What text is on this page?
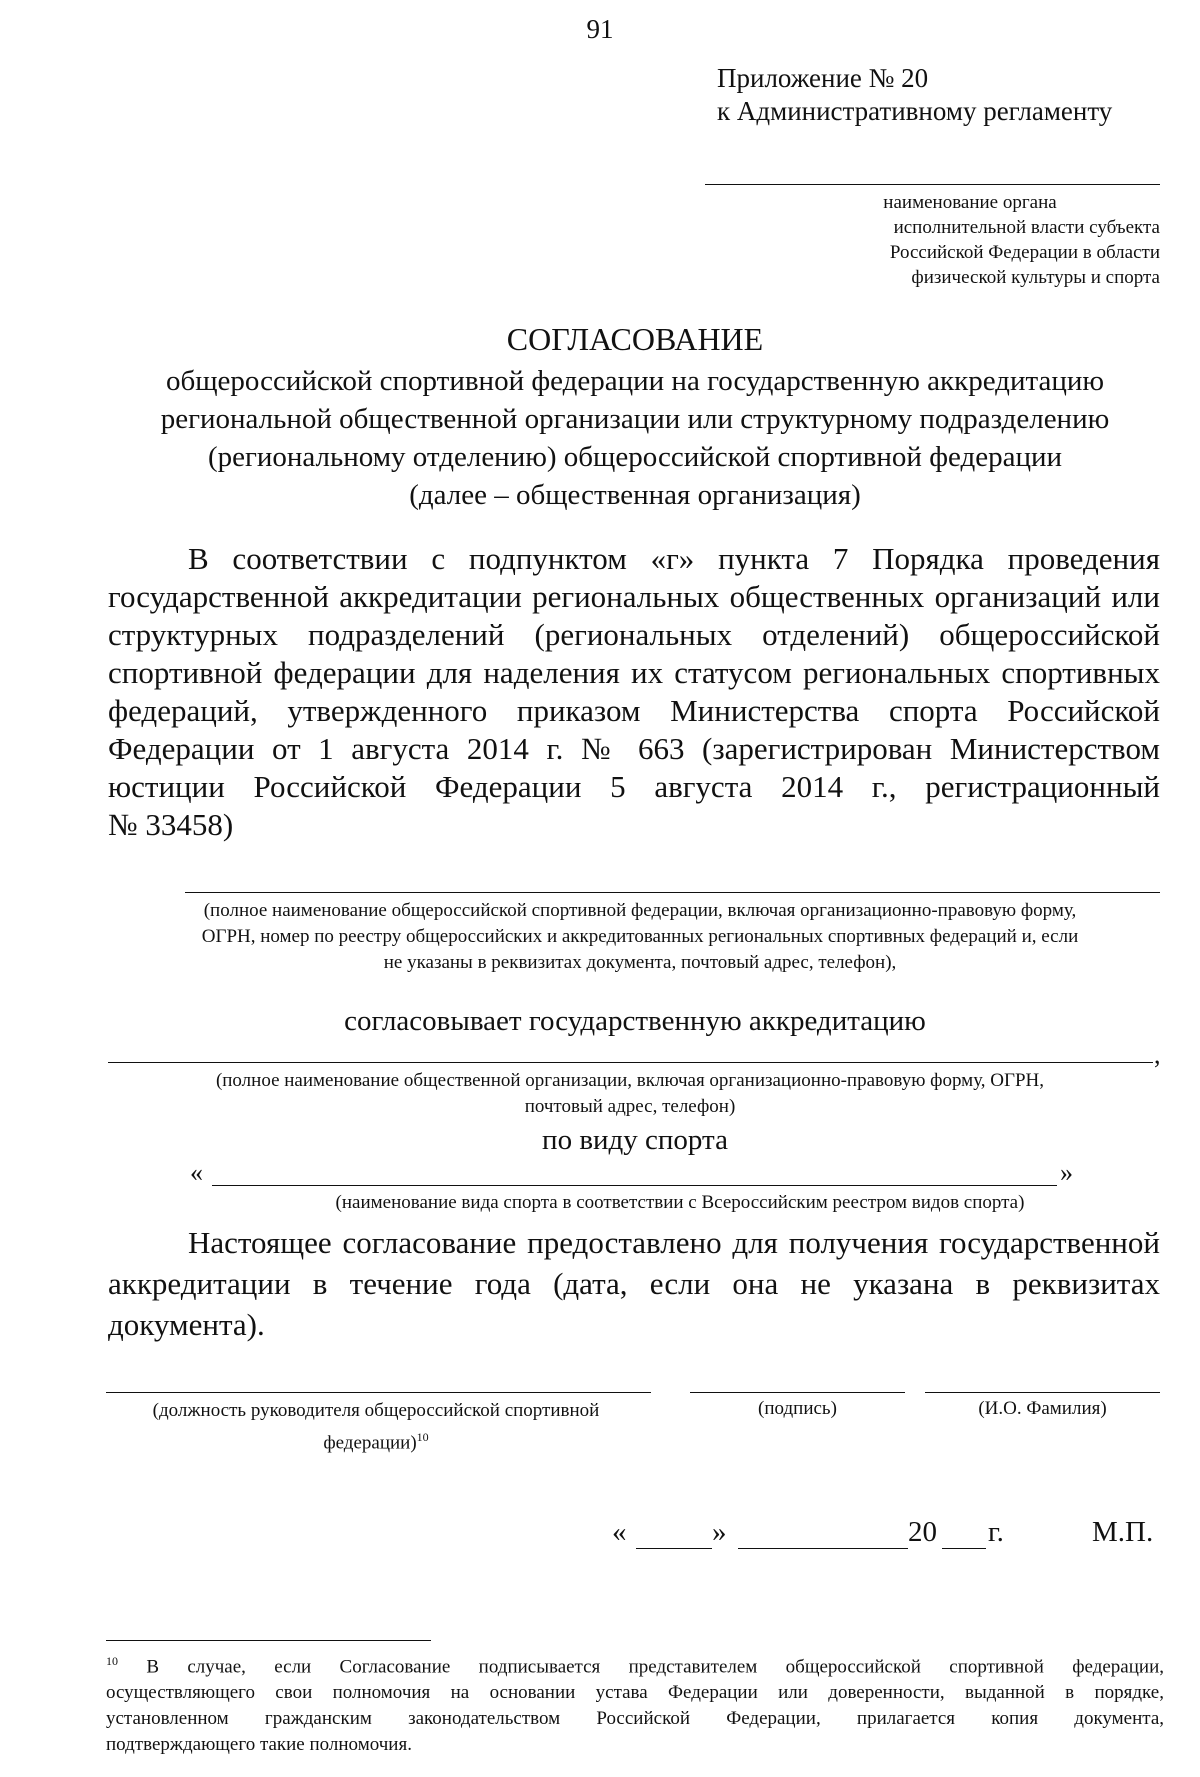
91
Приложение № 20
к Административному регламенту
наименование органа
исполнительной власти субъекта
Российской Федерации в области
физической культуры и спорта
СОГЛАСОВАНИЕ
общероссийской спортивной федерации на государственную аккредитацию
региональной общественной организации или структурному подразделению
(региональному отделению) общероссийской спортивной федерации
(далее – общественная организация)
В соответствии с подпунктом «г» пункта 7 Порядка проведения
государственной аккредитации региональных общественных организаций или
структурных подразделений (региональных отделений) общероссийской
спортивной федерации для наделения их статусом региональных спортивных
федераций, утвержденного приказом Министерства спорта Российской
Федерации от 1 августа 2014 г. № 663 (зарегистрирован Министерством
юстиции Российской Федерации 5 августа 2014 г., регистрационный
№ 33458)
(полное наименование общероссийской спортивной федерации, включая организационно-правовую форму,
ОГРН, номер по реестру общероссийских и аккредитованных региональных спортивных федераций и, если
не указаны в реквизитах документа, почтовый адрес, телефон),
согласовывает государственную аккредитацию
,
(полное наименование общественной организации, включая организационно-правовую форму, ОГРН,
почтовый адрес, телефон)
по виду спорта
«	»
(наименование вида спорта в соответствии с Всероссийским реестром видов спорта)
Настоящее согласование предоставлено для получения государственной
аккредитации в течение года (дата, если она не указана в реквизитах
документа).
(должность руководителя общероссийской спортивной
федерации)$^{10}$
(подпись)	(И.О. Фамилия)
«	»	20 г.	М.П.
$^{10}$ В случае, если Согласование подписывается представителем общероссийской спортивной федерации,
осуществляющего свои полномочия на основании устава Федерации или доверенности, выданной в порядке,
установленном гражданским законодательством Российской Федерации, прилагается копия документа,
подтверждающего такие полномочия.
